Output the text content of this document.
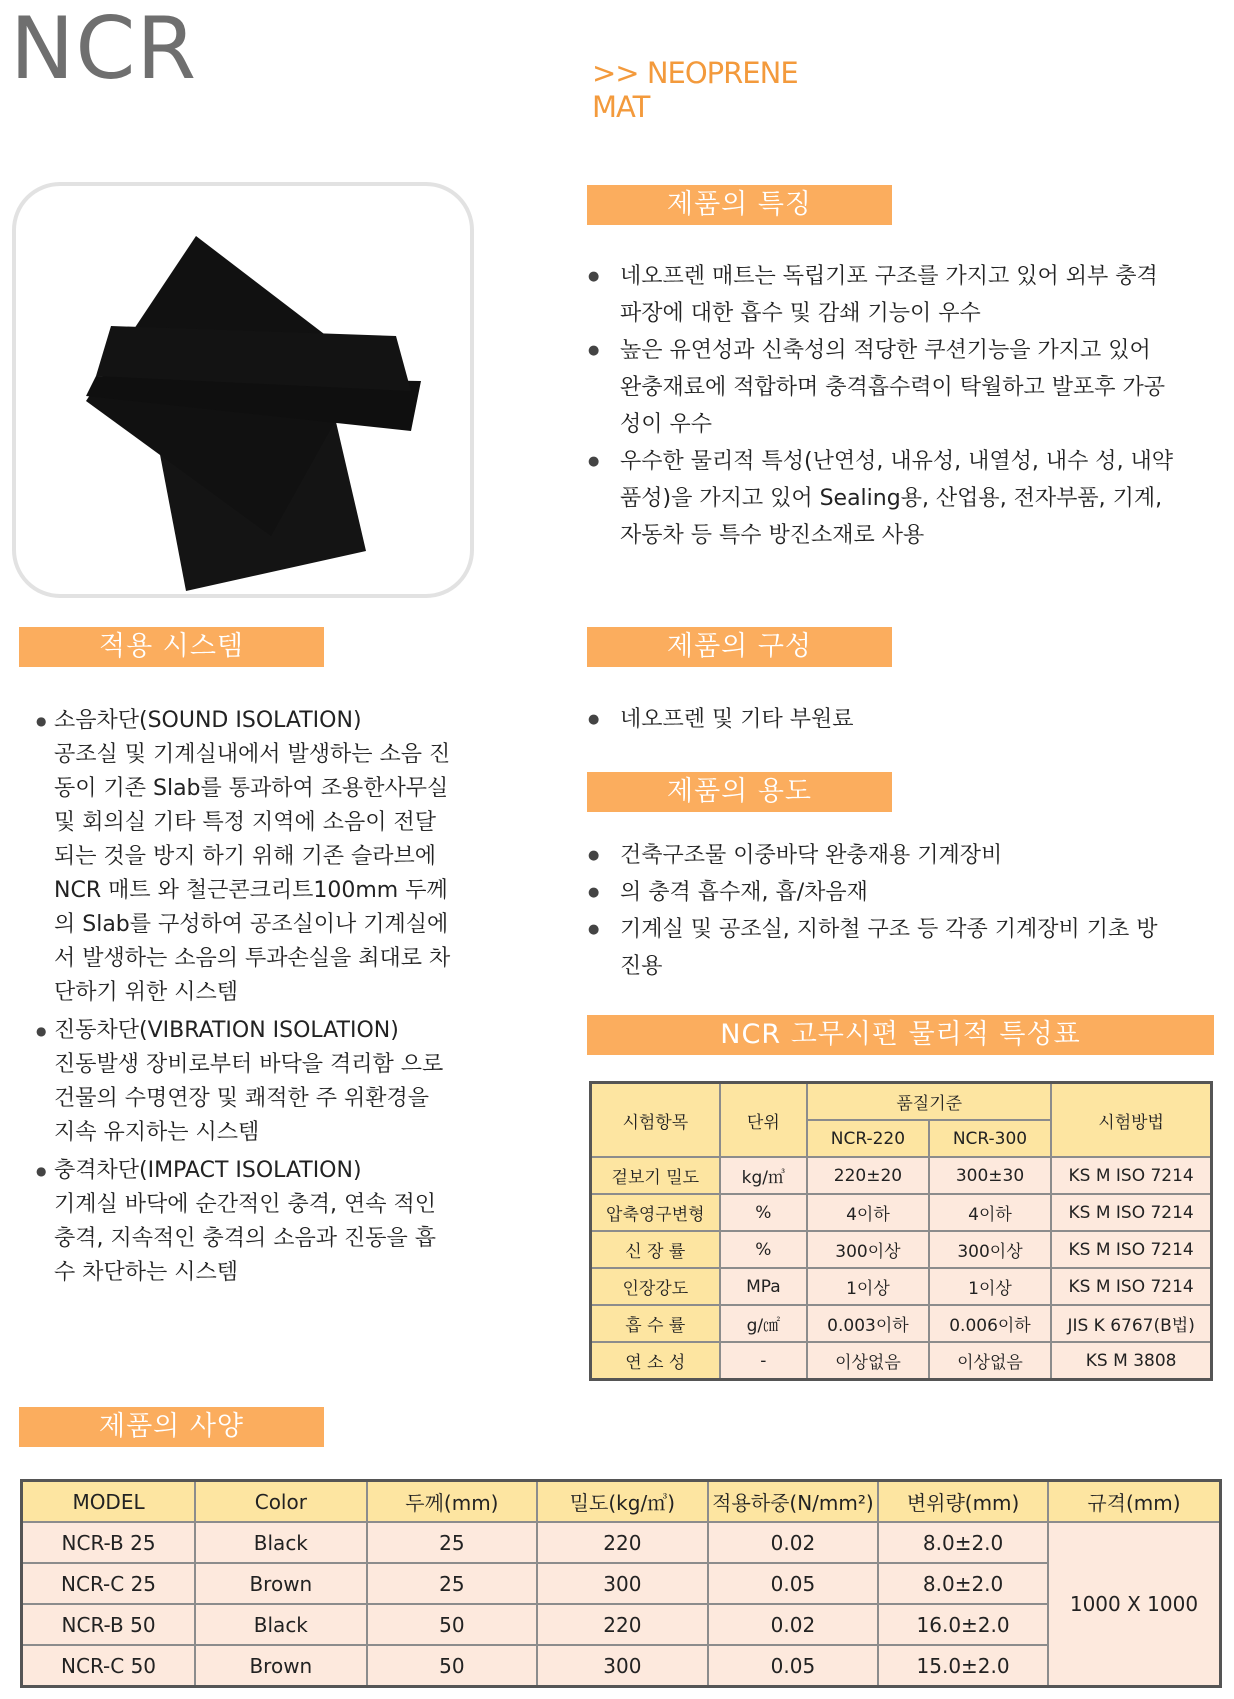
NCR	>> NEOPRENE MAT
제품의 특징
● 네오프렌 매트는 독립기포 구조를 가지고 있어 외부 충격파장에 대한 흡수 및 감쇄 기능이 우수
● 높은 유연성과 신축성의 적당한 쿠션기능을 가지고 있어 완충재료에 적합하며 충격흡수력이 탁월하고 발포후 가공성이 우수
● 우수한 물리적 특성(난연성, 내유성, 내열성, 내수 성, 내약품성)을 가지고 있어 Sealing용, 산업용, 전자부품, 기계, 자동차 등 특수 방진소재로 사용
적용 시스템
● 소음차단(SOUND ISOLATION)
공조실 및 기계실내에서 발생하는 소음 진동이 기존 Slab를 통과하여 조용한사무실 및 회의실 기타 특정 지역에 소음이 전달되는 것을 방지 하기 위해 기존 슬라브에 NCR 매트 와 철근콘크리트100mm 두께의 Slab를 구성하여 공조실이나 기계실에서 발생하는 소음의 투과손실을 최대로 차단하기 위한 시스템
● 진동차단(VIBRATION ISOLATION)
진동발생 장비로부터 바닥을 격리함 으로 건물의 수명연장 및 쾌적한 주 위환경을 지속 유지하는 시스템
● 충격차단(IMPACT ISOLATION)
기계실 바닥에 순간적인 충격, 연속 적인 충격, 지속적인 충격의 소음과 진동을 흡수 차단하는 시스템
제품의 구성
● 네오프렌 및 기타 부원료
제품의 용도
● 건축구조물 이중바닥 완충재용 기계장비
● 의 충격 흡수재, 흡/차음재
● 기계실 및 공조실, 지하철 구조 등 각종 기계장비 기초 방진용
NCR 고무시편 물리적 특성표
시험항목	단위	품질기준		시험방법
		NCR-220	NCR-300	
겉보기 밀도	kg/㎥	220±20	300±30	KS M ISO 7214
압축영구변형	%	4이하	4이하	KS M ISO 7214
신 장 률	%	300이상	300이상	KS M ISO 7214
인장강도	MPa	1이상	1이상	KS M ISO 7214
흡 수 률	g/㎠	0.003이하	0.006이하	JIS K 6767(B법)
연 소 성	-	이상없음	이상없음	KS M 3808
제품의 사양
MODEL	Color	두께(mm)	밀도(kg/㎥)	적용하중(N/mm²)	변위량(mm)	규격(mm)
NCR-B 25	Black	25	220	0.02	8.0±2.0	1000 X 1000
NCR-C 25	Brown	25	300	0.05	8.0±2.0	
NCR-B 50	Black	50	220	0.02	16.0±2.0	
NCR-C 50	Brown	50	300	0.05	15.0±2.0	
